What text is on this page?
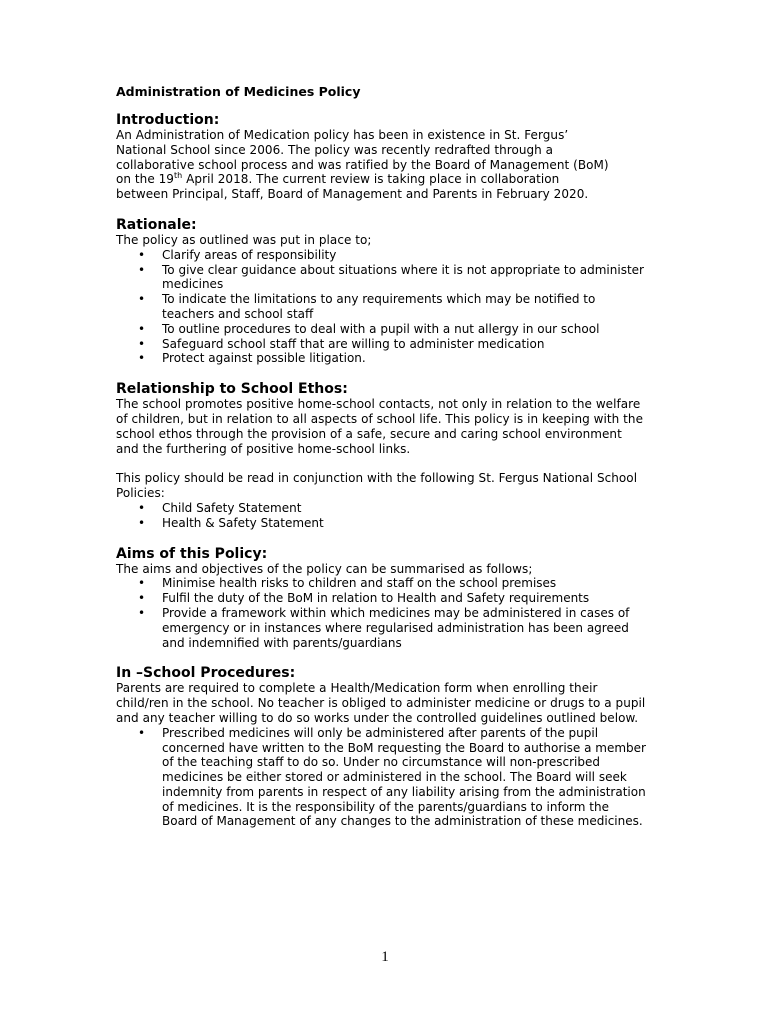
Administration of Medicines Policy

Introduction:

An Administration of Medication policy has been in existence in St. Fergus’
National School since 2006. The policy was recently redrafted through a
collaborative school process and was ratified by the Board of Management (BoM)
on the 19th April 2018. The current review is taking place in collaboration
between Principal, Staff, Board of Management and Parents in February 2020.

Rationale:

The policy as outlined was put in place to;

• Clarify areas of responsibility
• To give clear guidance about situations where it is not appropriate to administer medicines
• To indicate the limitations to any requirements which may be notified to teachers and school staff
• To outline procedures to deal with a pupil with a nut allergy in our school
• Safeguard school staff that are willing to administer medication
• Protect against possible litigation.

Relationship to School Ethos:

The school promotes positive home-school contacts, not only in relation to the welfare of children, but in relation to all aspects of school life. This policy is in keeping with the school ethos through the provision of a safe, secure and caring school environment and the furthering of positive home-school links.

This policy should be read in conjunction with the following St. Fergus National School Policies:

• Child Safety Statement
• Health & Safety Statement

Aims of this Policy:

The aims and objectives of the policy can be summarised as follows;

• Minimise health risks to children and staff on the school premises
• Fulfil the duty of the BoM in relation to Health and Safety requirements
• Provide a framework within which medicines may be administered in cases of emergency or in instances where regularised administration has been agreed and indemnified with parents/guardians

In –School Procedures:

Parents are required to complete a Health/Medication form when enrolling their child/ren in the school. No teacher is obliged to administer medicine or drugs to a pupil and any teacher willing to do so works under the controlled guidelines outlined below.

• Prescribed medicines will only be administered after parents of the pupil concerned have written to the BoM requesting the Board to authorise a member of the teaching staff to do so. Under no circumstance will non-prescribed medicines be either stored or administered in the school. The Board will seek indemnity from parents in respect of any liability arising from the administration of medicines. It is the responsibility of the parents/guardians to inform the Board of Management of any changes to the administration of these medicines.
1
